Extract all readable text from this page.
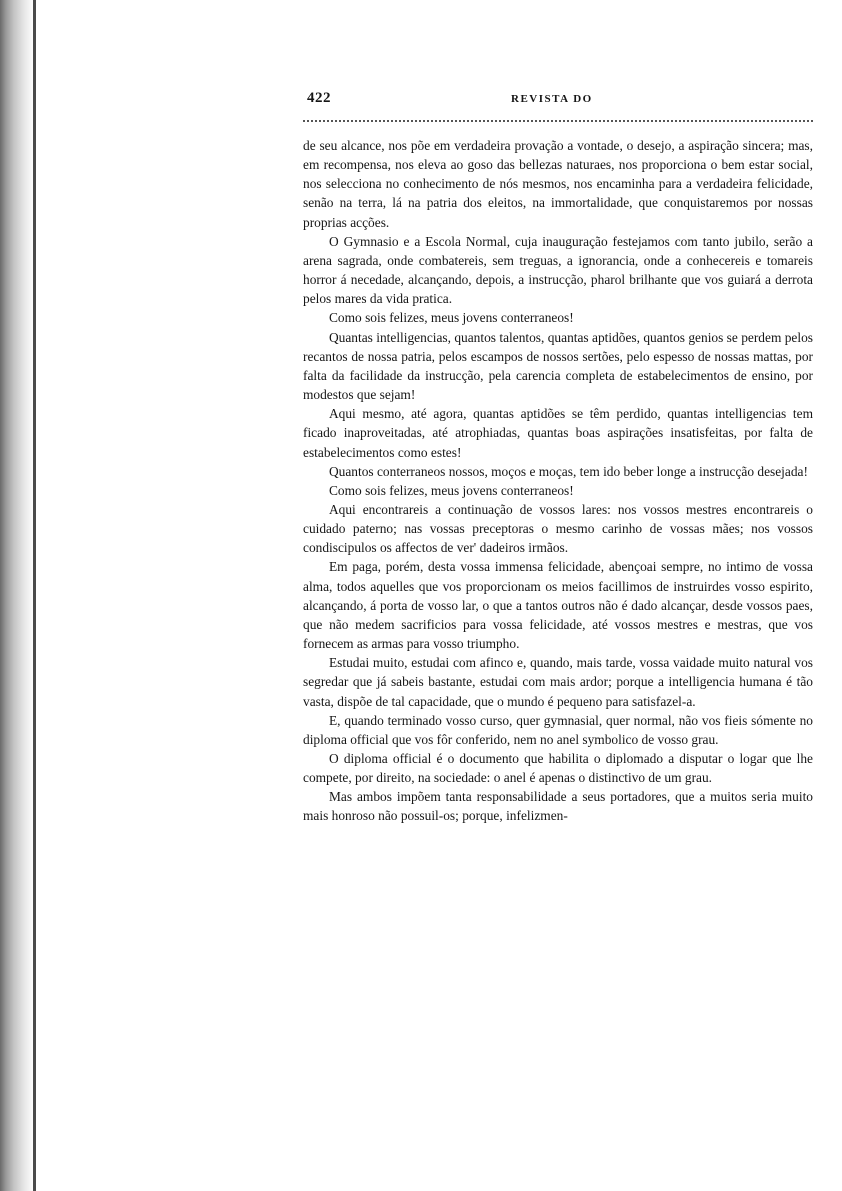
422	REVISTA DO

de seu alcance, nos põe em verdadeira provação a vontade, o desejo, a aspiração sincera; mas, em recompensa, nos eleva ao goso das bellezas naturaes, nos proporciona o bem estar social, nos selecciona no conhecimento de nós mesmos, nos encaminha para a verdadeira felicidade, senão na terra, lá na patria dos eleitos, na immortalidade, que conquistaremos por nossas proprias acções.

O Gymnasio e a Escola Normal, cuja inauguração festejamos com tanto jubilo, serão a arena sagrada, onde combatereis, sem treguas, a ignorancia, onde a conhecereis e tomareis horror á necedade, alcançando, depois, a instrucção, pharol brilhante que vos guiará a derrota pelos mares da vida pratica.

Como sois felizes, meus jovens conterraneos!

Quantas intelligencias, quantos talentos, quantas aptidões, quantos genios se perdem pelos recantos de nossa patria, pelos escampos de nossos sertões, pelo espesso de nossas mattas, por falta da facilidade da instrucção, pela carencia completa de estabelecimentos de ensino, por modestos que sejam!

Aqui mesmo, até agora, quantas aptidões se têm perdido, quantas intelligencias tem ficado inaproveitadas, até atrophiadas, quantas boas aspirações insatisfeitas, por falta de estabelecimentos como estes!

Quantos conterraneos nossos, moços e moças, tem ido beber longe a instrucção desejada!

Como sois felizes, meus jovens conterraneos!

Aqui encontrareis a continuação de vossos lares: nos vossos mestres encontrareis o cuidado paterno; nas vossas preceptoras o mesmo carinho de vossas mães; nos vossos condiscipulos os affectos de ver' dadeiros irmãos.

Em paga, porém, desta vossa immensa felicidade, abençoai sempre, no intimo de vossa alma, todos aquelles que vos proporcionam os meios facillimos de instruirdes vosso espirito, alcançando, á porta de vosso lar, o que a tantos outros não é dado alcançar, desde vossos paes, que não medem sacrificios para vossa felicidade, até vossos mestres e mestras, que vos fornecem as armas para vosso triumpho.

Estudai muito, estudai com afinco e, quando, mais tarde, vossa vaidade muito natural vos segredar que já sabeis bastante, estudai com mais ardor; porque a intelligencia humana é tão vasta, dispõe de tal capacidade, que o mundo é pequeno para satisfazel-a.

E, quando terminado vosso curso, quer gymnasial, quer normal, não vos fieis sómente no diploma official que vos fôr conferido, nem no anel symbolico de vosso grau.

O diploma official é o documento que habilita o diplomado a disputar o logar que lhe compete, por direito, na sociedade: o anel é apenas o distinctivo de um grau.

Mas ambos impõem tanta responsabilidade a seus portadores, que a muitos seria muito mais honroso não possuil-os; porque, infelizmen-
